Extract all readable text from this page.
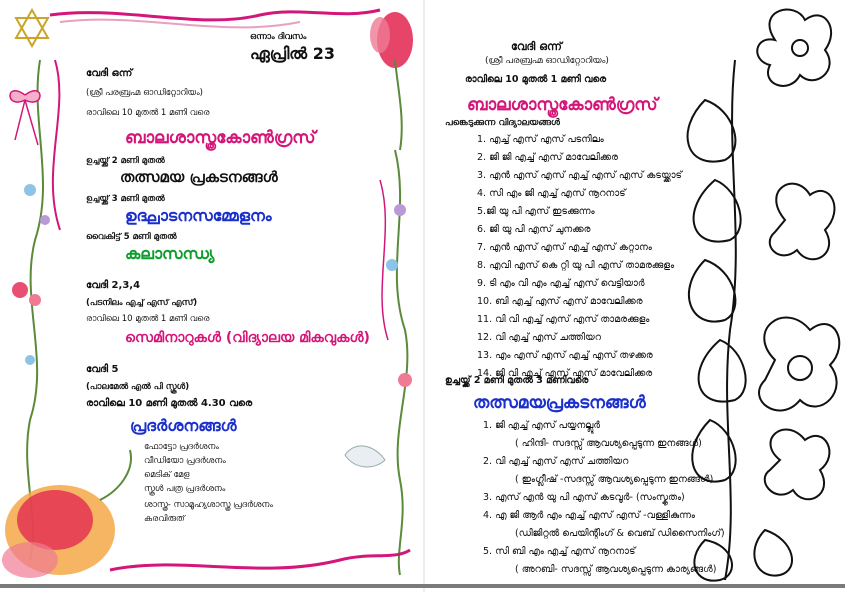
ഒന്നാം ദിവസം
ഏപ്രിൽ 23
വേദി ഒന്ന്
(ശ്രീ പരബ്രഹ്മ ഓഡിറ്റോറിയം)
രാവിലെ 10 മുതൽ 1 മണി വരെ
ബാലശാസ്ത്രകോൺഗ്രസ്
ഉച്ചയ്ക്ക് 2 മണി മുതൽ
തത്സമയ പ്രകടനങ്ങൾ
ഉച്ചയ്ക്ക് 3 മണി മുതൽ
ഉദ്ഘാടനസമ്മേളനം
വൈകിട്ട് 5 മണി മുതൽ
കലാസന്ധ്യ
വേദി 2,3,4
(പടനിലം എച്ച് എസ് എസ്)
രാവിലെ 10 മുതൽ 1 മണി വരെ
സെമിനാറുകൾ (വിദ്യാലയ മികവുകൾ)
വേദി 5
(പാലമേൽ എൽ പി സ്കൂൾ)
രാവിലെ 10 മണി മുതൽ 4.30 വരെ
പ്രദർശനങ്ങൾ
ഫോട്ടോ പ്രദർശനം
വീഡിയോ പ്രദർശനം
മെടിക് മേള
സ്കൂൾ പത്ര പ്രദർശനം
ശാസ്ത്ര- സാമൂഹ്യശാസ്ത്ര പ്രദർശനം
കരവിരുത്
വേദി ഒന്ന്
(ശ്രീ പരബ്രഹ്മ ഓഡിറ്റോറിയം)
രാവിലെ 10 മുതൽ 1 മണി വരെ
ബാലശാസ്ത്രകോൺഗ്രസ്
പങ്കെടുക്കുന്ന വിദ്യാലയങ്ങൾ
1. എച്ച് എസ് എസ് പടനിലം
2. ജി ജി എച്ച് എസ് മാവേലിക്കര
3. എൻ എസ് എസ് എച്ച് എസ് എസ് കടയ്ക്കാട്
4. സി എം ജി എച്ച് എസ് നൂറനാട്
5.ജി യു പി എസ് ഇടക്കുന്നം
6. ജി യു പി എസ് ചുനക്കര
7. എൻ എസ് എസ് എച്ച് എസ് കറ്റാനം
8. എവി എസ് കെ റ്റി യു പി എസ് താമരക്കുളം
9. ടി എം വി എം എച്ച് എസ് വെട്ടിയാർ
10. ബി എച്ച് എസ് എസ് മാവേലിക്കര
11. വി വി എച്ച് എസ് എസ് താമരക്കുളം
12. വി എച്ച് എസ് ചത്തിയറ
13. എം എസ് എസ് എച്ച് എസ് തഴക്കര
14. ജി വി എച്ച് എസ് എസ് മാവേലിക്കര
ഉച്ചയ്ക്ക് 2 മണി മുതൽ 3 മണിവരെ
തത്സമയപ്രകടനങ്ങൾ
1. ജി എച്ച് എസ് പയ്യനല്ലൂർ
( ഹിന്ദി- സദസ്സ് ആവശ്യപ്പെടുന്ന ഇനങ്ങൾ)
2. വി എച്ച് എസ് എസ് ചത്തിയറ
( ഇംഗ്ലീഷ് -സദസ്സ് ആവശ്യപ്പെടുന്ന ഇനങ്ങൾ)
3. എസ് എൻ യു പി എസ് കടവൂർ- (സംസ്കൃതം)
4. എ ജി ആർ എം എച്ച് എസ് എസ് -വള്ളികുന്നം
(ഡിജിറ്റൽ പെയിന്റിംഗ് & വെബ് ഡിസൈനിംഗ്)
5. സി ബി എം എച്ച് എസ് നൂറനാട്
( അറബി- സദസ്സ് ആവശ്യപ്പെടുന്ന കാര്യങ്ങൾ)
